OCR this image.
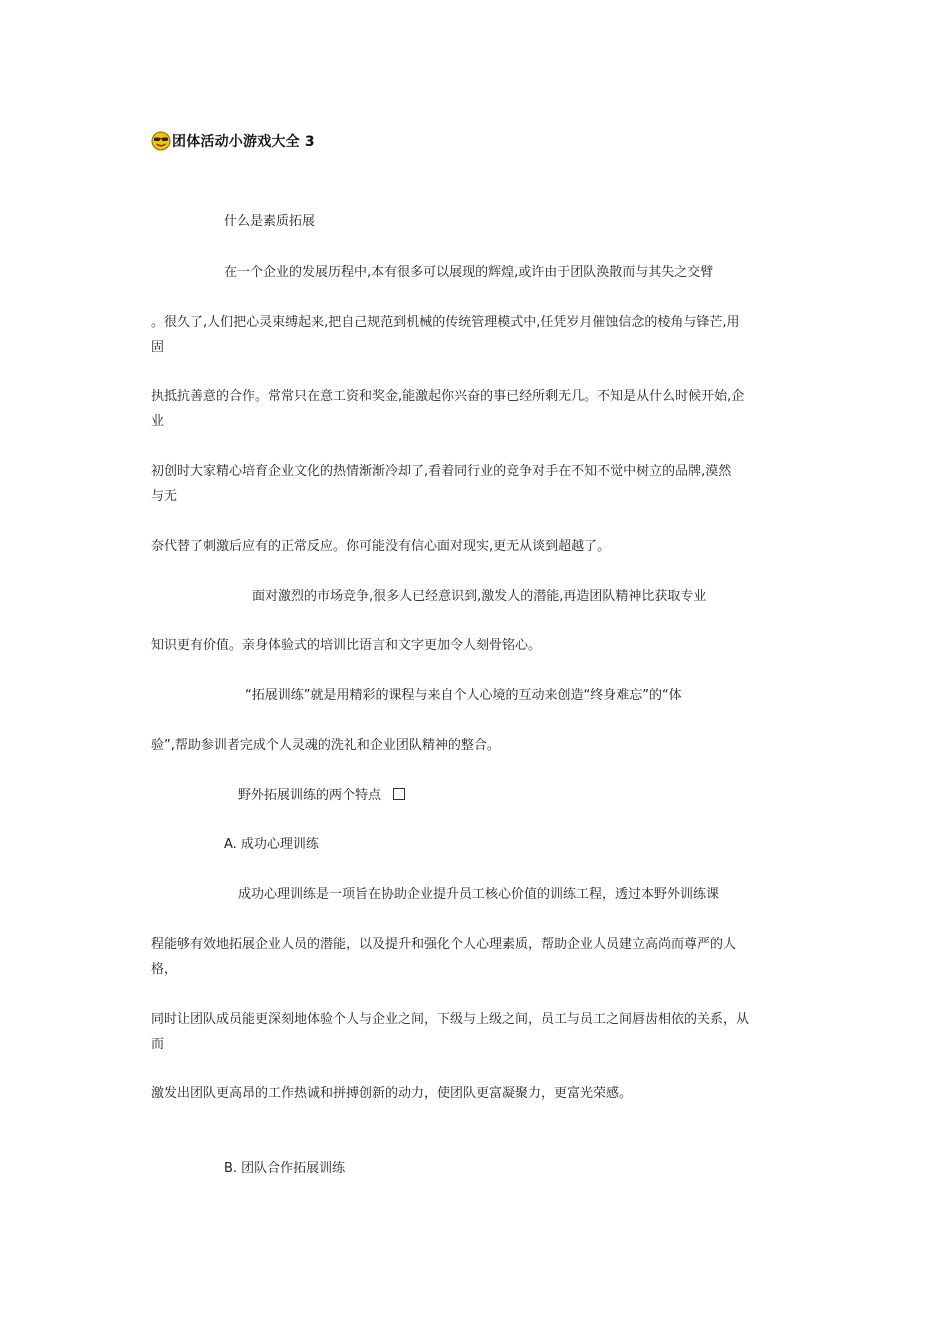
团体活动小游戏大全 3
什么是素质拓展
在一个企业的发展历程中,本有很多可以展现的辉煌,或许由于团队涣散而与其失之交臂
。很久了,人们把心灵束缚起来,把自己规范到机械的传统管理模式中,任凭岁月催蚀信念的棱角与锋芒,用
固
执抵抗善意的合作。常常只在意工资和奖金,能激起你兴奋的事已经所剩无几。不知是从什么时候开始,企
业
初创时大家精心培育企业文化的热情渐渐冷却了,看着同行业的竞争对手在不知不觉中树立的品牌,漠然
与无
奈代替了刺激后应有的正常反应。你可能没有信心面对现实,更无从谈到超越了。
面对激烈的市场竞争,很多人已经意识到,激发人的潜能,再造团队精神比获取专业
知识更有价值。亲身体验式的培训比语言和文字更加令人刻骨铭心。
“拓展训练”就是用精彩的课程与来自个人心境的互动来创造“终身难忘”的“体
验”,帮助参训者完成个人灵魂的洗礼和企业团队精神的整合。
野外拓展训练的两个特点
A. 成功心理训练
成功心理训练是一项旨在协助企业提升员工核心价值的训练工程，透过本野外训练课
程能够有效地拓展企业人员的潜能，以及提升和强化个人心理素质，帮助企业人员建立高尚而尊严的人
格，
同时让团队成员能更深刻地体验个人与企业之间，下级与上级之间，员工与员工之间唇齿相依的关系，从
而
激发出团队更高昂的工作热诚和拼搏创新的动力，使团队更富凝聚力，更富光荣感。
B. 团队合作拓展训练
